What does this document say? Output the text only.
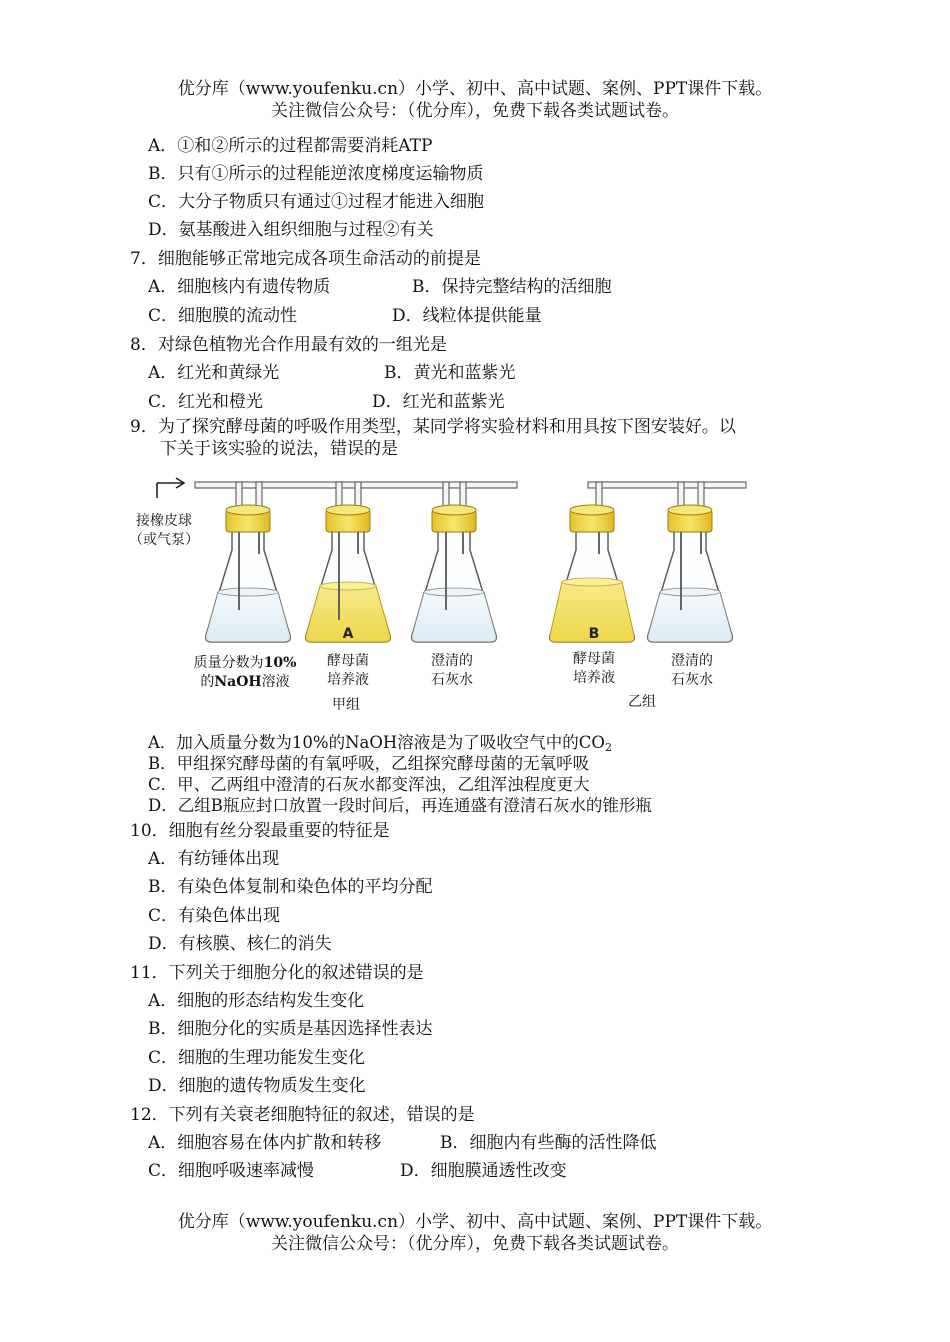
优分库（www.youfenku.cn）小学、初中、高中试题、案例、PPT课件下载。
关注微信公众号：（优分库），免费下载各类试题试卷。
A．①和②所示的过程都需要消耗ATP
B．只有①所示的过程能逆浓度梯度运输物质
C．大分子物质只有通过①过程才能进入细胞
D．氨基酸进入组织细胞与过程②有关
7．细胞能够正常地完成各项生命活动的前提是
A．细胞核内有遗传物质	B．保持完整结构的活细胞
C．细胞膜的流动性	D．线粒体提供能量
8．对绿色植物光合作用最有效的一组光是
A．红光和黄绿光	B．黄光和蓝紫光
C．红光和橙光	D．红光和蓝紫光
9．为了探究酵母菌的呼吸作用类型，某同学将实验材料和用具按下图安装好。以
下关于该实验的说法，错误的是
A	B
接橡皮球
（或气泵）
质量分数为10%
的NaOH溶液
酵母菌
培养液
澄清的
石灰水
酵母菌
培养液
澄清的
石灰水
甲组	乙组
A．加入质量分数为10%的NaOH溶液是为了吸收空气中的$CO_2$
B．甲组探究酵母菌的有氧呼吸，乙组探究酵母菌的无氧呼吸
C．甲、乙两组中澄清的石灰水都变浑浊，乙组浑浊程度更大
D．乙组B瓶应封口放置一段时间后，再连通盛有澄清石灰水的锥形瓶
10．细胞有丝分裂最重要的特征是
A．有纺锤体出现
B．有染色体复制和染色体的平均分配
C．有染色体出现
D．有核膜、核仁的消失
11．下列关于细胞分化的叙述错误的是
A．细胞的形态结构发生变化
B．细胞分化的实质是基因选择性表达
C．细胞的生理功能发生变化
D．细胞的遗传物质发生变化
12．下列有关衰老细胞特征的叙述，错误的是
A．细胞容易在体内扩散和转移	B．细胞内有些酶的活性降低
C．细胞呼吸速率减慢	D．细胞膜通透性改变
优分库（www.youfenku.cn）小学、初中、高中试题、案例、PPT课件下载。
关注微信公众号：（优分库），免费下载各类试题试卷。
